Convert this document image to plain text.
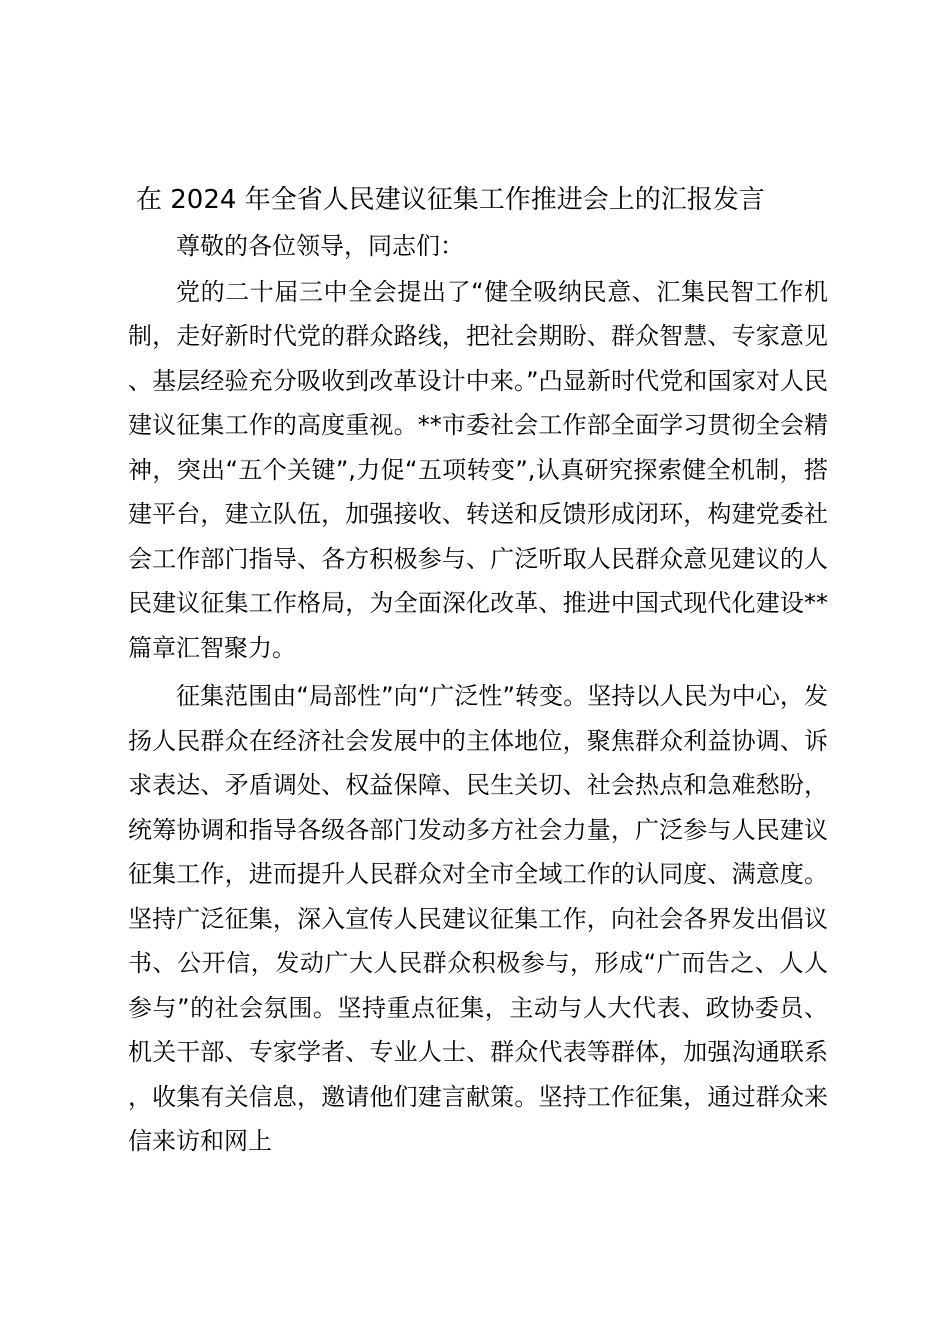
在 2024 年全省人民建议征集工作推进会上的汇报发言

尊敬的各位领导，同志们：

党的二十届三中全会提出了“健全吸纳民意、汇集民智工作机制，走好新时代党的群众路线，把社会期盼、群众智慧、专家意见、基层经验充分吸收到改革设计中来。”凸显新时代党和国家对人民建议征集工作的高度重视。**市委社会工作部全面学习贯彻全会精神，突出“五个关键”,力促“五项转变”,认真研究探索健全机制，搭建平台，建立队伍，加强接收、转送和反馈形成闭环，构建党委社会工作部门指导、各方积极参与、广泛听取人民群众意见建议的人民建议征集工作格局，为全面深化改革、推进中国式现代化建设**篇章汇智聚力。

征集范围由“局部性”向“广泛性”转变。坚持以人民为中心，发扬人民群众在经济社会发展中的主体地位，聚焦群众利益协调、诉求表达、矛盾调处、权益保障、民生关切、社会热点和急难愁盼，统筹协调和指导各级各部门发动多方社会力量，广泛参与人民建议征集工作，进而提升人民群众对全市全域工作的认同度、满意度。坚持广泛征集，深入宣传人民建议征集工作，向社会各界发出倡议书、公开信，发动广大人民群众积极参与，形成“广而告之、人人参与”的社会氛围。坚持重点征集，主动与人大代表、政协委员、机关干部、专家学者、专业人士、群众代表等群体，加强沟通联系，收集有关信息，邀请他们建言献策。坚持工作征集，通过群众来信来访和网上
